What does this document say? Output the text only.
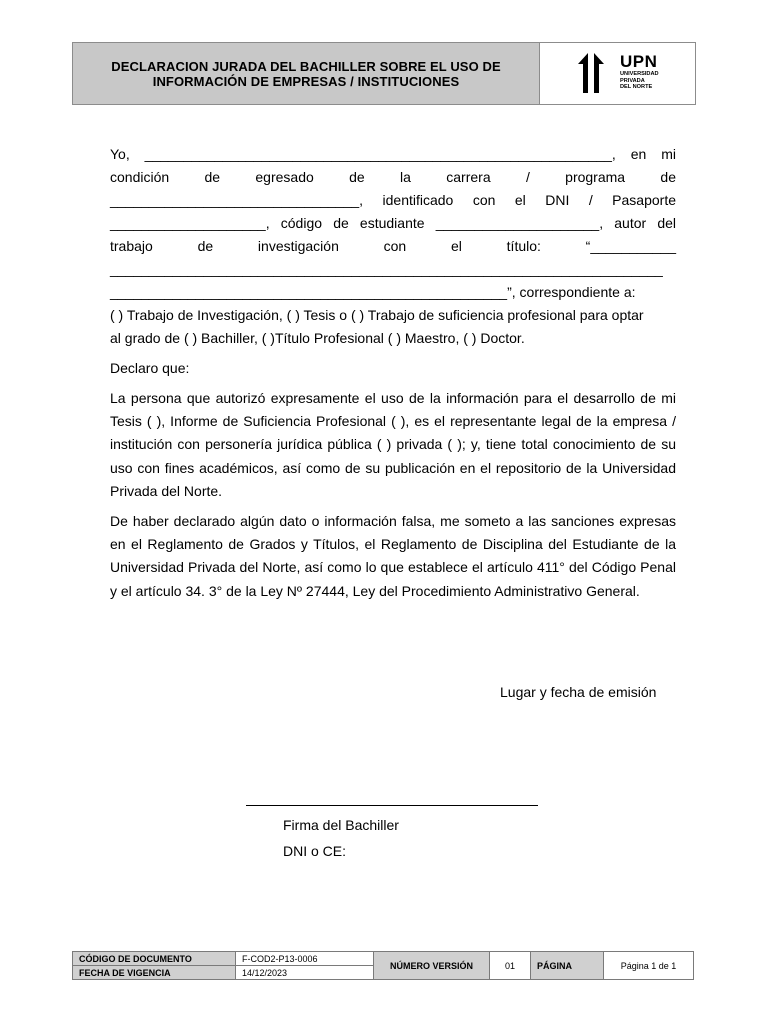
DECLARACION JURADA DEL BACHILLER SOBRE EL USO DE
INFORMACIÓN DE EMPRESAS / INSTITUCIONES
UPN
UNIVERSIDAD
PRIVADA
DEL NORTE
Yo, ____________________________________________________________, en mi
condición de egresado de la carrera / programa de
________________________________, identificado con el DNI / Pasaporte
____________________, código de estudiante _____________________, autor del
trabajo de investigación con el título: “___________
_______________________________________________________________________
___________________________________________________”, correspondiente a:
( ) Trabajo de Investigación, ( ) Tesis o ( ) Trabajo de suficiencia profesional para optar
al grado de ( ) Bachiller, ( )Título Profesional ( ) Maestro, ( ) Doctor.
Declaro que:
La persona que autorizó expresamente el uso de la información para el desarrollo de mi Tesis ( ), Informe de Suficiencia Profesional ( ), es el representante legal de la empresa / institución con personería jurídica pública ( ) privada ( ); y, tiene total conocimiento de su uso con fines académicos, así como de su publicación en el repositorio de la Universidad Privada del Norte.
De haber declarado algún dato o información falsa, me someto a las sanciones expresas en el Reglamento de Grados y Títulos, el Reglamento de Disciplina del Estudiante de la Universidad Privada del Norte, así como lo que establece el artículo 411° del Código Penal y el artículo 34. 3° de la Ley Nº 27444, Ley del Procedimiento Administrativo General.
Lugar y fecha de emisión
Firma del Bachiller
DNI o CE:
CÓDIGO DE DOCUMENTO	F-COD2-P13-0006	NÚMERO VERSIÓN	01	PÁGINA	Página 1 de 1
FECHA DE VIGENCIA	14/12/2023				
